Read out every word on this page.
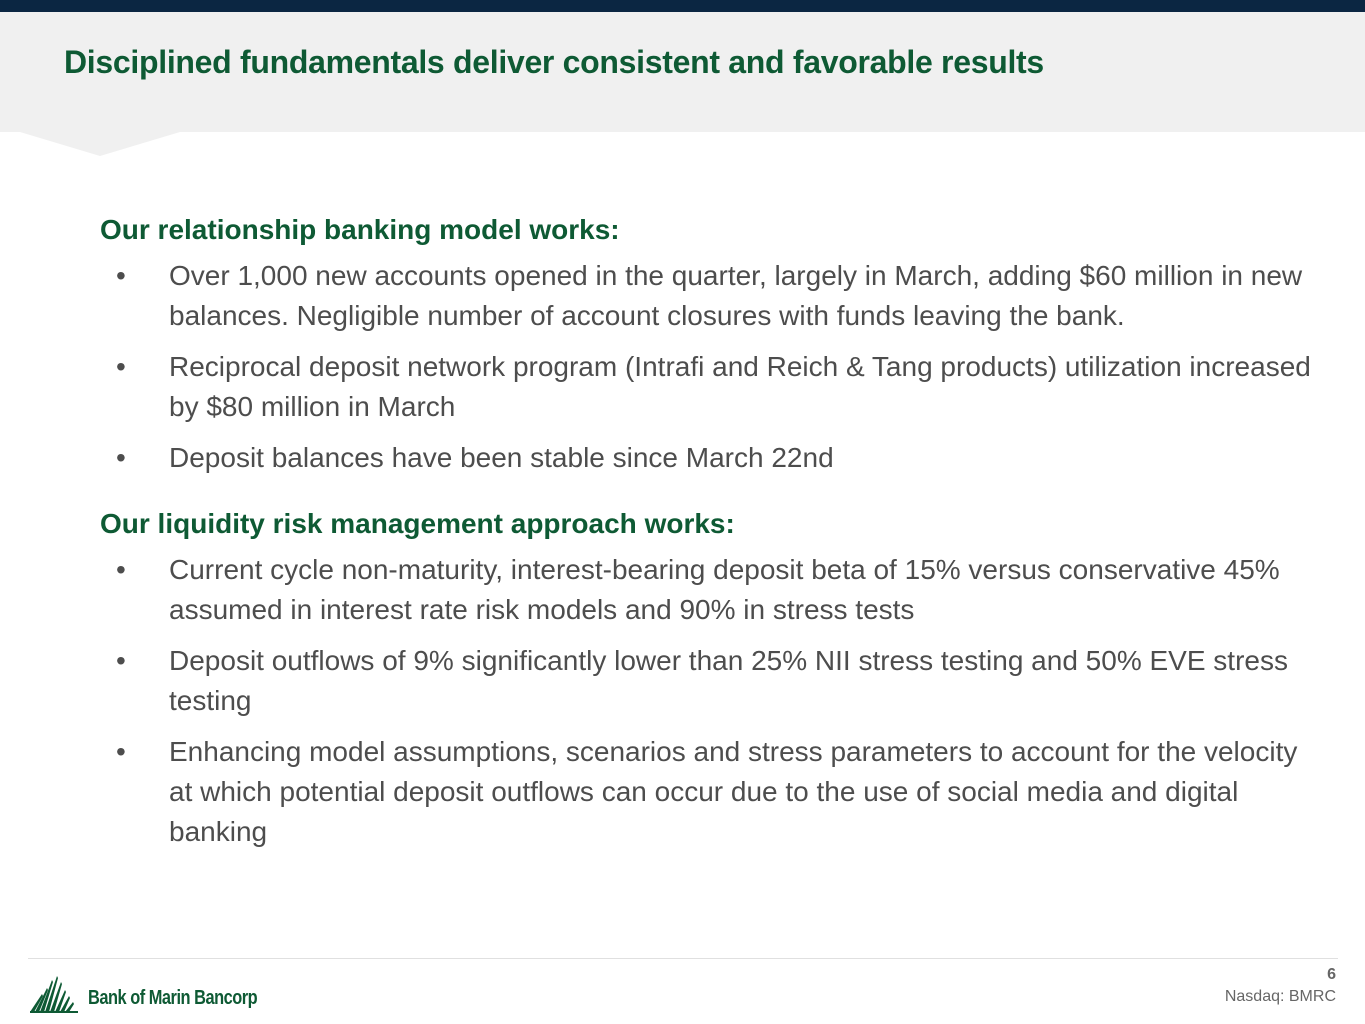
Disciplined fundamentals deliver consistent and favorable results
Our relationship banking model works:
• Over 1,000 new accounts opened in the quarter, largely in March, adding $60 million in new balances. Negligible number of account closures with funds leaving the bank.
• Reciprocal deposit network program (Intrafi and Reich & Tang products) utilization increased by $80 million in March
• Deposit balances have been stable since March 22nd
Our liquidity risk management approach works:
• Current cycle non-maturity, interest-bearing deposit beta of 15% versus conservative 45% assumed in interest rate risk models and 90% in stress tests
• Deposit outflows of 9% significantly lower than 25% NII stress testing and 50% EVE stress testing
• Enhancing model assumptions, scenarios and stress parameters to account for the velocity at which potential deposit outflows can occur due to the use of social media and digital banking
Bank of Marin Bancorp
6
Nasdaq: BMRC
